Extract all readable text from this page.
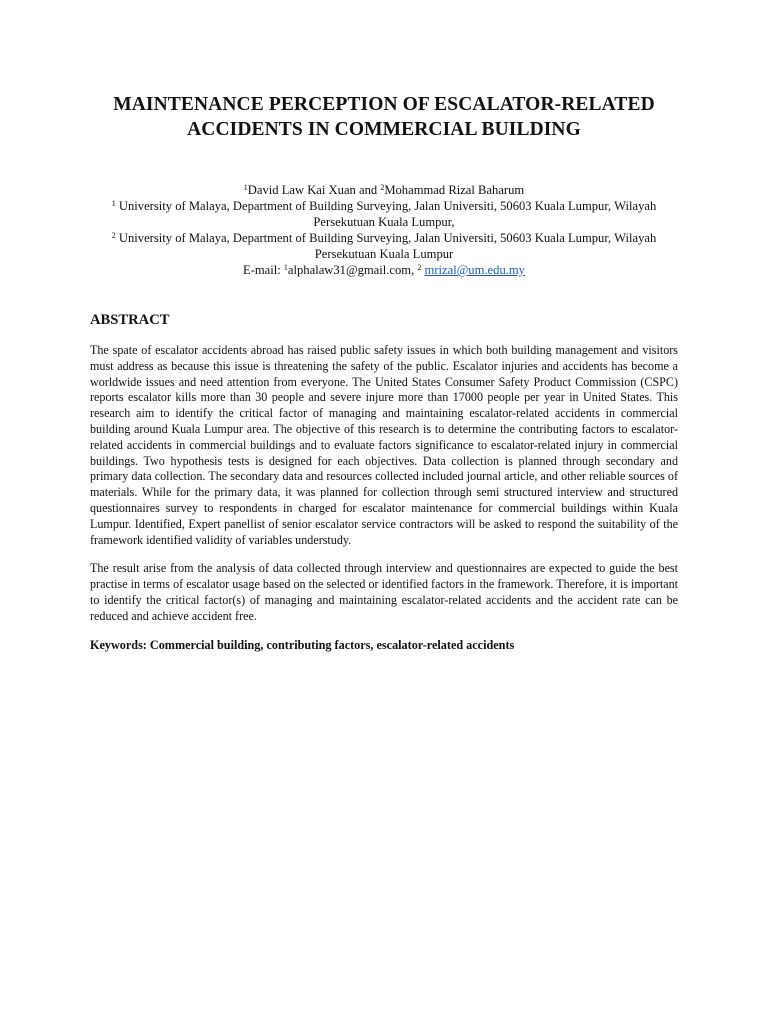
MAINTENANCE PERCEPTION OF ESCALATOR-RELATED
ACCIDENTS IN COMMERCIAL BUILDING
$^1$David Law Kai Xuan and $^2$Mohammad Rizal Baharum
$^1$ University of Malaya, Department of Building Surveying, Jalan Universiti, 50603 Kuala Lumpur, Wilayah
Persekutuan Kuala Lumpur,
$^2$ University of Malaya, Department of Building Surveying, Jalan Universiti, 50603 Kuala Lumpur, Wilayah
Persekutuan Kuala Lumpur
E-mail: $^1$alphalaw31@gmail.com, $^2$ mrizal@um.edu.my
ABSTRACT

The spate of escalator accidents abroad has raised public safety issues in which both building management and visitors must address as because this issue is threatening the safety of the public. Escalator injuries and accidents has become a worldwide issues and need attention from everyone. The United States Consumer Safety Product Commission (CSPC) reports escalator kills more than 30 people and severe injure more than 17000 people per year in United States. This research aim to identify the critical factor of managing and maintaining escalator-related accidents in commercial building around Kuala Lumpur area. The objective of this research is to determine the contributing factors to escalator-related accidents in commercial buildings and to evaluate factors significance to escalator-related injury in commercial buildings. Two hypothesis tests is designed for each objectives. Data collection is planned through secondary and primary data collection. The secondary data and resources collected included journal article, and other reliable sources of materials. While for the primary data, it was planned for collection through semi structured interview and structured questionnaires survey to respondents in charged for escalator maintenance for commercial buildings within Kuala Lumpur. Identified, Expert panellist of senior escalator service contractors will be asked to respond the suitability of the framework identified validity of variables understudy.

The result arise from the analysis of data collected through interview and questionnaires are expected to guide the best practise in terms of escalator usage based on the selected or identified factors in the framework. Therefore, it is important to identify the critical factor(s) of managing and maintaining escalator-related accidents and the accident rate can be reduced and achieve accident free.

Keywords: Commercial building, contributing factors, escalator-related accidents
